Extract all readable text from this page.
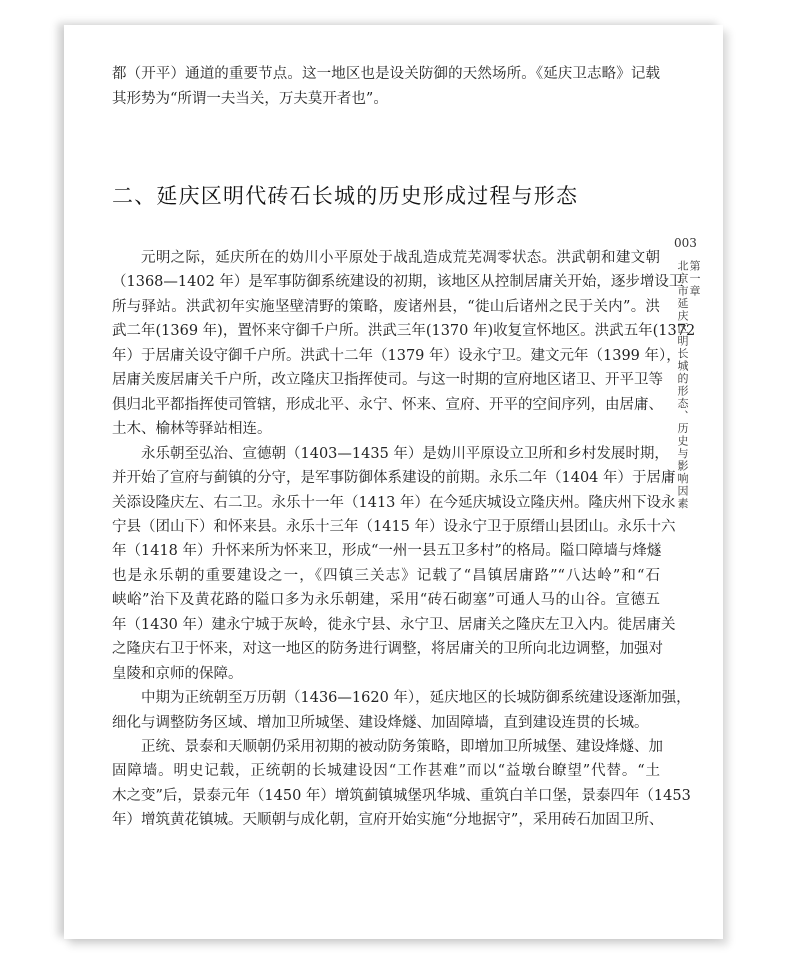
都（开平）通道的重要节点。这一地区也是设关防御的天然场所。《延庆卫志略》记载
其形势为“所谓一夫当关，万夫莫开者也”。
元明之际，延庆所在的妫川小平原处于战乱造成荒芜凋零状态。洪武朝和建文朝
（1368—1402 年）是军事防御系统建设的初期，该地区从控制居庸关开始，逐步增设卫
所与驿站。洪武初年实施坚壁清野的策略，废诸州县，“徙山后诸州之民于关内”。洪
武二年(1369 年)，置怀来守御千户所。洪武三年(1370 年)收复宣怀地区。洪武五年(1372
年）于居庸关设守御千户所。洪武十二年（1379 年）设永宁卫。建文元年（1399 年），
居庸关废居庸关千户所，改立隆庆卫指挥使司。与这一时期的宣府地区诸卫、开平卫等
俱归北平都指挥使司管辖，形成北平、永宁、怀来、宣府、开平的空间序列，由居庸、
土木、榆林等驿站相连。
永乐朝至弘治、宣德朝（1403—1435 年）是妫川平原设立卫所和乡村发展时期，
并开始了宣府与蓟镇的分守，是军事防御体系建设的前期。永乐二年（1404 年）于居庸
关添设隆庆左、右二卫。永乐十一年（1413 年）在今延庆城设立隆庆州。隆庆州下设永
宁县（团山下）和怀来县。永乐十三年（1415 年）设永宁卫于原缙山县团山。永乐十六
年（1418 年）升怀来所为怀来卫，形成“一州一县五卫多村”的格局。隘口障墙与烽燧
也是永乐朝的重要建设之一，《四镇三关志》记载了“昌镇居庸路”“八达岭”和“石
峡峪”治下及黄花路的隘口多为永乐朝建，采用“砖石砌塞”可通人马的山谷。宣德五
年（1430 年）建永宁城于灰岭，徙永宁县、永宁卫、居庸关之隆庆左卫入内。徙居庸关
之隆庆右卫于怀来，对这一地区的防务进行调整，将居庸关的卫所向北边调整，加强对
皇陵和京师的保障。
中期为正统朝至万历朝（1436—1620 年），延庆地区的长城防御系统建设逐渐加强，
细化与调整防务区域、增加卫所城堡、建设烽燧、加固障墙，直到建设连贯的长城。
正统、景泰和天顺朝仍采用初期的被动防务策略，即增加卫所城堡、建设烽燧、加
固障墙。明史记载，正统朝的长城建设因“工作甚难”而以“益墩台瞭望”代替。“土
木之变”后，景泰元年（1450 年）增筑蓟镇城堡巩华城、重筑白羊口堡，景泰四年（1453
年）增筑黄花镇城。天顺朝与成化朝，宣府开始实施“分地据守”，采用砖石加固卫所、
二、延庆区明代砖石长城的历史形成过程与形态
003
第一章
北京市延庆区明长城的形态、历史与影响因素
